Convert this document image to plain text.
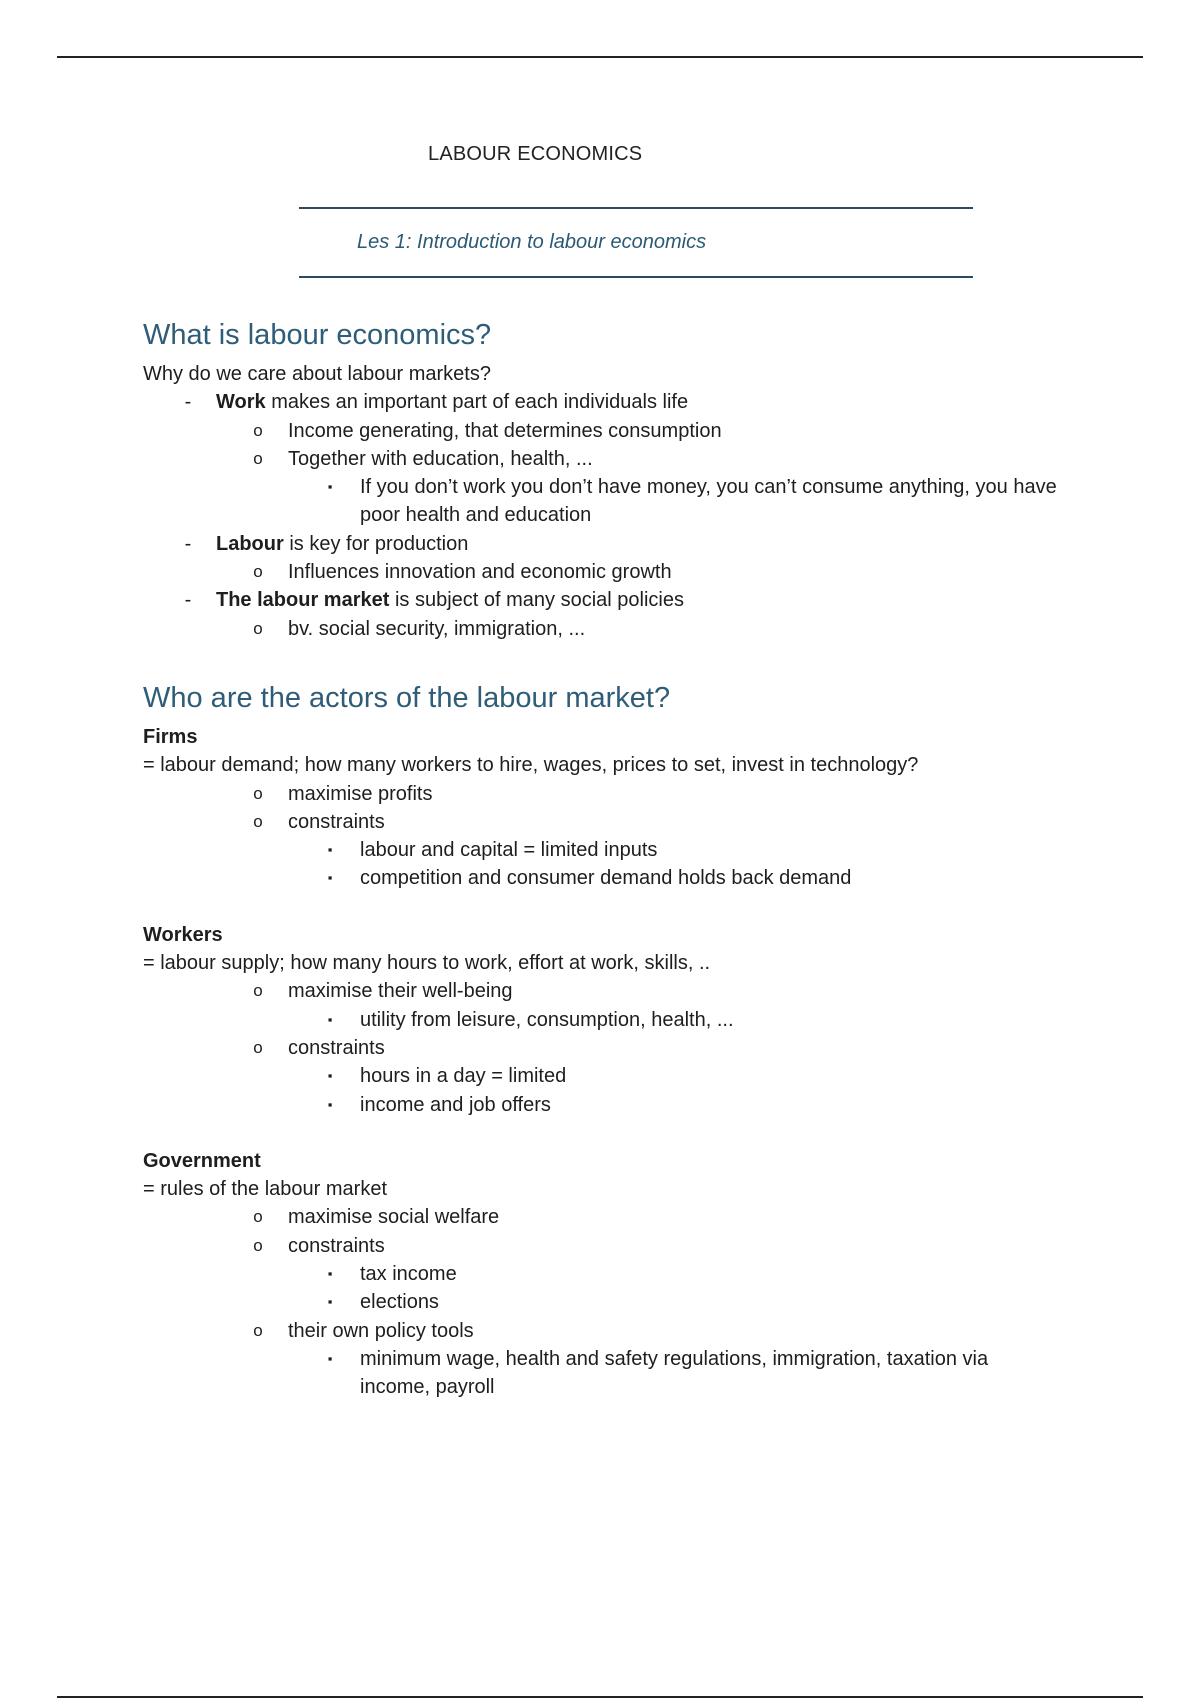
LABOUR ECONOMICS
Les 1: Introduction to labour economics
What is labour economics?
Why do we care about labour markets?
-	Work makes an important part of each individuals life
o Income generating, that determines consumption
o Together with education, health, ...
▪	If you don’t work you don’t have money, you can’t consume anything, you have poor health and education
-	Labour is key for production
o Influences innovation and economic growth
-	The labour market is subject of many social policies
o bv. social security, immigration, ...
Who are the actors of the labour market?
Firms
= labour demand; how many workers to hire, wages, prices to set, invest in technology?
o maximise profits
o constraints
▪	labour and capital = limited inputs
▪	competition and consumer demand holds back demand
Workers
= labour supply; how many hours to work, effort at work, skills, ..
o maximise their well-being
▪	utility from leisure, consumption, health, ...
o constraints
▪	hours in a day = limited
▪	income and job offers
Government
= rules of the labour market
o maximise social welfare
o constraints
▪	tax income
▪	elections
o their own policy tools
▪	minimum wage, health and safety regulations, immigration, taxation via income, payroll
